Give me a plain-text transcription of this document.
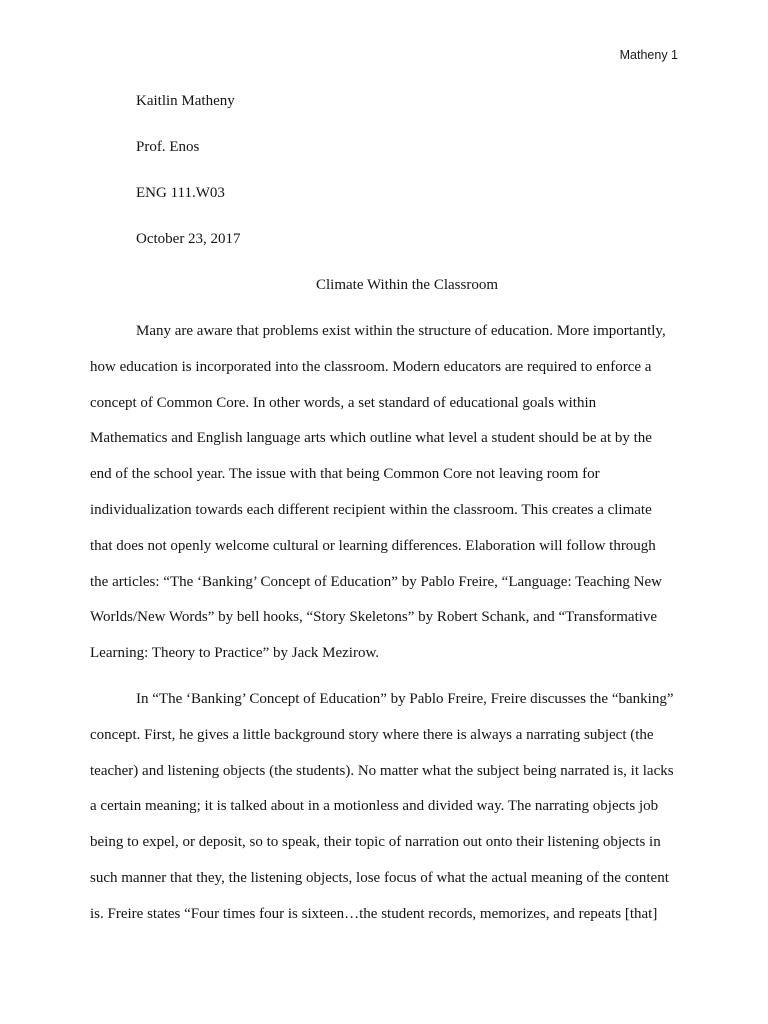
Matheny 1
Kaitlin Matheny
Prof. Enos
ENG 111.W03
October 23, 2017
Climate Within the Classroom
Many are aware that problems exist within the structure of education. More importantly,
how education is incorporated into the classroom. Modern educators are required to enforce a
concept of Common Core. In other words, a set standard of educational goals within
Mathematics and English language arts which outline what level a student should be at by the
end of the school year. The issue with that being Common Core not leaving room for
individualization towards each different recipient within the classroom. This creates a climate
that does not openly welcome cultural or learning differences. Elaboration will follow through
the articles: “The ‘Banking’ Concept of Education” by Pablo Freire, “Language: Teaching New
Worlds/New Words” by bell hooks, “Story Skeletons” by Robert Schank, and “Transformative
Learning: Theory to Practice” by Jack Mezirow.
In “The ‘Banking’ Concept of Education” by Pablo Freire, Freire discusses the “banking”
concept. First, he gives a little background story where there is always a narrating subject (the
teacher) and listening objects (the students). No matter what the subject being narrated is, it lacks
a certain meaning; it is talked about in a motionless and divided way. The narrating objects job
being to expel, or deposit, so to speak, their topic of narration out onto their listening objects in
such manner that they, the listening objects, lose focus of what the actual meaning of the content
is. Freire states “Four times four is sixteen…the student records, memorizes, and repeats [that]
